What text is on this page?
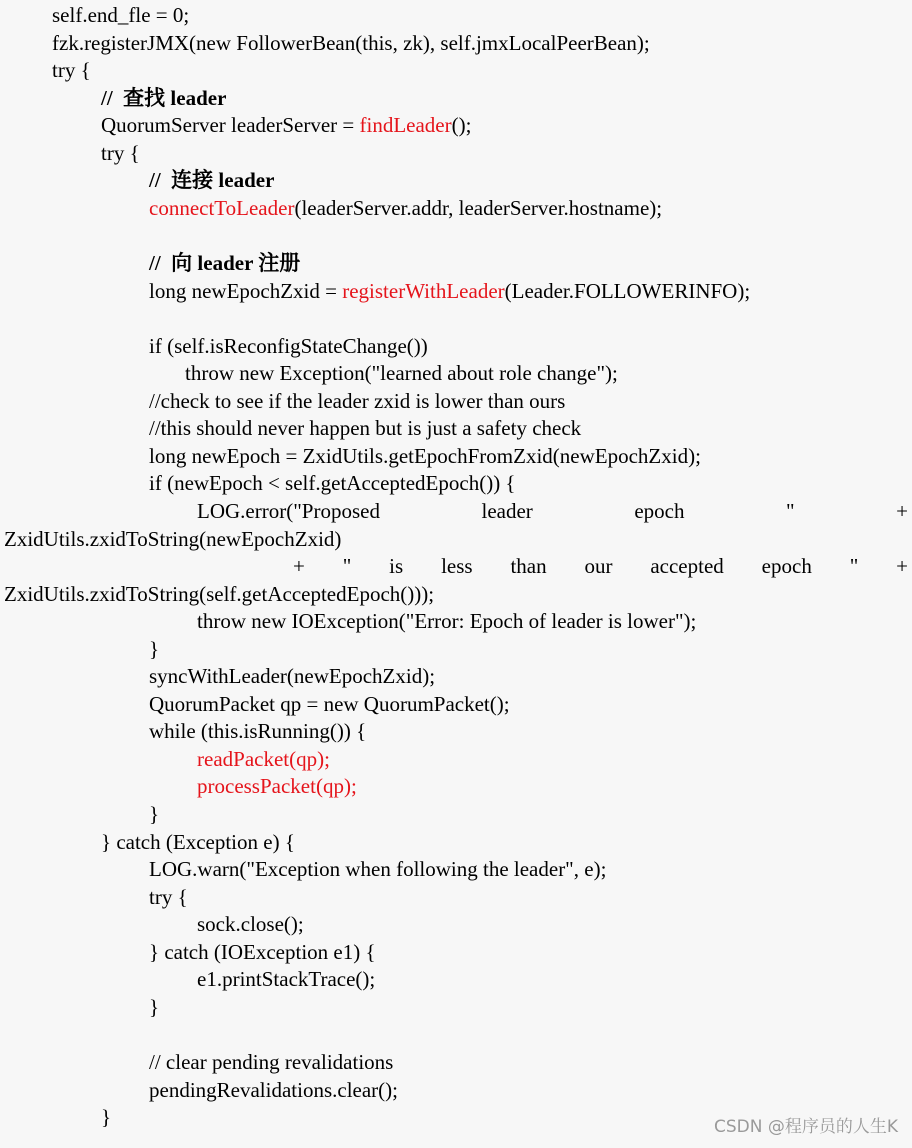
self.end_fle = 0;
fzk.registerJMX(new FollowerBean(this, zk), self.jmxLocalPeerBean);
try {
//  查找 leader
QuorumServer leaderServer = findLeader();
try {
//  连接 leader
connectToLeader(leaderServer.addr, leaderServer.hostname);
//  向 leader 注册
long newEpochZxid = registerWithLeader(Leader.FOLLOWERINFO);
if (self.isReconfigStateChange())
throw new Exception("learned about role change");
//check to see if the leader zxid is lower than ours
//this should never happen but is just a safety check
long newEpoch = ZxidUtils.getEpochFromZxid(newEpochZxid);
if (newEpoch < self.getAcceptedEpoch()) {
LOG.error("Proposed	leader	epoch	"	+
ZxidUtils.zxidToString(newEpochZxid)
+ " is less than our accepted epoch " +
ZxidUtils.zxidToString(self.getAcceptedEpoch()));
throw new IOException("Error: Epoch of leader is lower");
}
syncWithLeader(newEpochZxid);
QuorumPacket qp = new QuorumPacket();
while (this.isRunning()) {
readPacket(qp);
processPacket(qp);
}
} catch (Exception e) {
LOG.warn("Exception when following the leader", e);
try {
sock.close();
} catch (IOException e1) {
e1.printStackTrace();
}
// clear pending revalidations
pendingRevalidations.clear();
}	CSDN @程序员的人生K
